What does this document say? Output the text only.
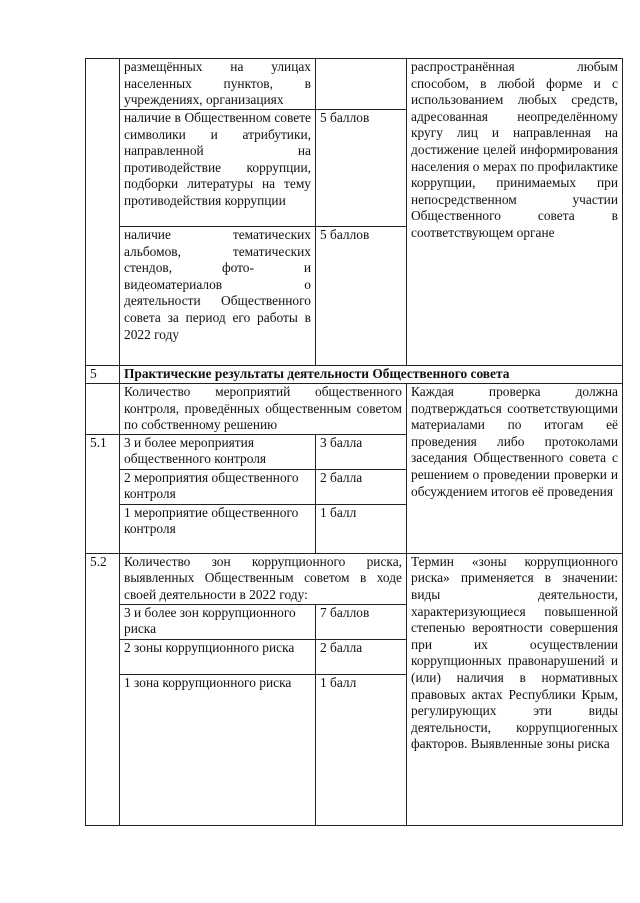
	размещённых на улицах населенных пунктов, в учреждениях, организациях		распространённая любым способом, в любой форме и с использованием любых средств, адресованная неопределённому кругу лиц и направленная на достижение целей информирования населения о мерах по профилактике коррупции, принимаемых при непосредственном участии Общественного совета в соответствующем органе
	наличие в Общественном совете символики и атрибутики, направленной на противодействие коррупции, подборки литературы на тему противодействия коррупции	5 баллов	
	наличие тематических альбомов, тематических стендов, фото- и видеоматериалов о деятельности Общественного совета за период его работы в 2022 году	5 баллов	
5	Практические результаты деятельности Общественного совета		
	Количество мероприятий общественного контроля, проведённых общественным советом по собственному решению		Каждая проверка должна подтверждаться соответствующими материалами по итогам её проведения либо протоколами заседания Общественного совета с решением о проведении проверки и обсуждением итогов её проведения
5.1	3 и более мероприятия общественного контроля	3 балла	
	2 мероприятия общественного контроля	2 балла	
	1 мероприятие общественного контроля	1 балл	
5.2	Количество зон коррупционного риска, выявленных Общественным советом в ходе своей деятельности в 2022 году:		Термин «зоны коррупционного риска» применяется в значении: виды деятельности, характеризующиеся повышенной степенью вероятности совершения при их осуществлении коррупционных правонарушений и (или) наличия в нормативных правовых актах Республики Крым, регулирующих эти виды деятельности, коррупциогенных факторов. Выявленные зоны риска
	3 и более зон коррупционного риска	7 баллов	
	2 зоны коррупционного риска	2 балла	
	1 зона коррупционного риска	1 балл	
